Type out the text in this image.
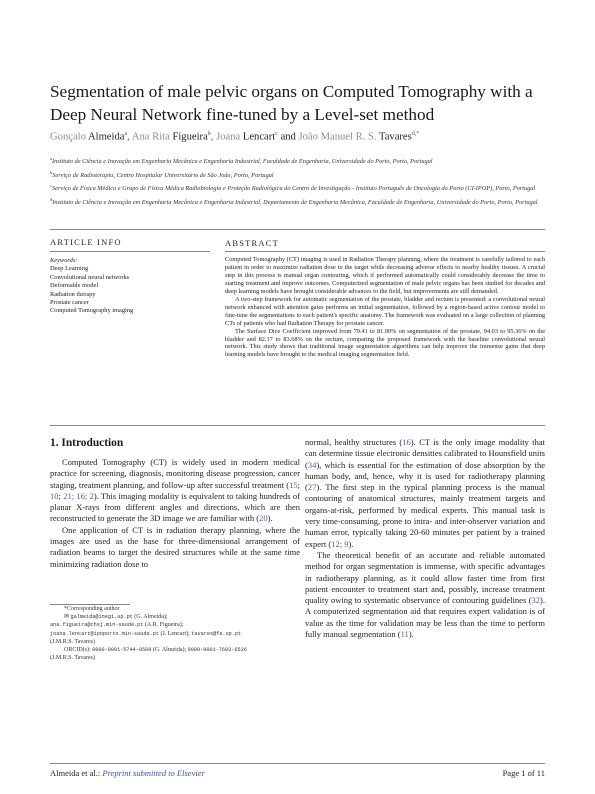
Segmentation of male pelvic organs on Computed Tomography with a
Deep Neural Network fine-tuned by a Level-set method
Gonçalo Almeida$^a$, Ana Rita Figueira$^b$, Joana Lencart$^c$ and João Manuel R. S. Tavares$^{d,*}$
$^a$Instituto de Ciência e Inovação em Engenharia Mecânica e Engenharia Industrial, Faculdade de Engenharia, Universidade do Porto, Porto, Portugal
$^b$Serviço de Radioterapia, Centro Hospitalar Universitário de São João, Porto, Portugal
$^c$Serviço de Física Médica e Grupo de Física Médica Radiobiologia e Proteção Radiológica do Centro de Investigação - Instituto Português de Oncologia do Porto (CI-IPOP), Porto, Portugal
$^d$Instituto de Ciência e Inovação em Engenharia Mecânica e Engenharia Industrial, Departamento de Engenharia Mecânica, Faculdade de Engenharia, Universidade do Porto, Porto, Portugal
ARTICLE INFO	ABSTRACT
Keywords:
Deep Learning
Convolutional neural networks
Deformable model
Radiation therapy
Prostate cancer
Computed Tomography imaging

Computed Tomography (CT) imaging is used in Radiation Therapy planning, where the treatment is carefully tailored to each patient in order to maximize radiation dose to the target while decreasing adverse effects to nearby healthy tissues. A crucial step in this process is manual organ contouring, which if performed automatically could considerably decrease the time to starting treatment and improve outcomes. Computerized segmentation of male pelvic organs has been studied for decades and deep learning models have brought considerable advances to the field, but improvements are still demanded.

A two-step framework for automatic segmentation of the prostate, bladder and rectum is presented: a convolutional neural network enhanced with attention gates performs an initial segmentation, followed by a region-based active contour model to fine-tune the segmentations to each patient's specific anatomy. The framework was evaluated on a large collection of planning CTs of patients who had Radiation Therapy for prostate cancer.

The Surface Dice Coefficient improved from 79.41 to 81.00% on segmentation of the prostate, 94.03 to 95.36% on the bladder and 82.17 to 83.68% on the rectum, comparing the proposed framework with the baseline convolutional neural network. This study shows that traditional image segmentation algorithms can help improve the immense gains that deep learning models have brought to the medical imaging segmentation field.

1. Introduction

Computed Tomography (CT) is widely used in modern medical practice for screening, diagnosis, monitoring disease progression, cancer staging, treatment planning, and follow-up after successful treatment (15; 10; 21; 16; 2). This imaging modality is equivalent to taking hundreds of planar X-rays from different angles and directions, which are then reconstructed to generate the 3D image we are familiar with (20).

One application of CT is in radiation therapy planning, where the images are used as the base for three-dimensional arrangement of radiation beams to target the desired structures while at the same time minimizing radiation dose to

normal, healthy structures (16). CT is the only image modality that can determine tissue electronic densities calibrated to Hounsfield units (34), which is essential for the estimation of dose absorption by the human body, and, hence, why it is used for radiotherapy planning (27). The first step in the typical planning process is the manual contouring of anatomical structures, mainly treatment targets and organs-at-risk, performed by medical experts. This manual task is very time-consuming, prone to intra- and inter-observer variation and human error, typically taking 20-60 minutes per patient by a trained expert (12; 9).

The theoretical benefit of an accurate and reliable automated method for organ segmentation is immense, with specific advantages in radiotherapy planning, as it could allow faster time from first patient encounter to treatment start and, possibly, increase treatment quality owing to systematic observance of contouring guidelines (32). A computerized segmentation aid that requires expert validation is of value as the time for validation may be less than the time to perform fully manual segmentation (11).

*Corresponding author
✉ galmeida@inegi.up.pt (G. Almeida);
ana.figueira@chsj.min-saude.pt (A.R. Figueira);
joana.lencart@ipoporto.min-saude.pt (J. Lencart); tavares@fe.up.pt
(J.M.R.S. Tavares)
ORCID(s): 0000-0001-5744-0508 (G. Almeida); 0000-0001-7603-6526
(J.M.R.S. Tavares)
Almeida et al.: Preprint submitted to Elsevier	Page 1 of 11
